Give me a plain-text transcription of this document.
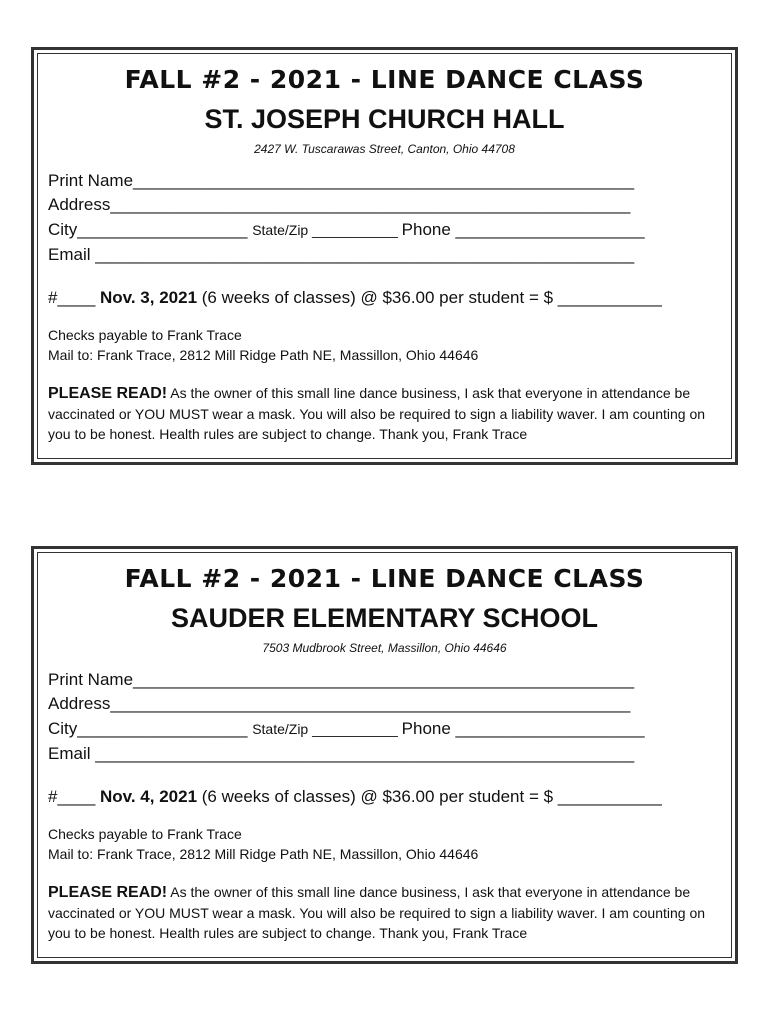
FALL #2 - 2021 - LINE DANCE CLASS
ST. JOSEPH CHURCH HALL
2427 W. Tuscarawas Street, Canton, Ohio 44708
Print Name_____________________________________________________
Address_______________________________________________________
City__________________ State/Zip ___________ Phone ____________________
Email _________________________________________________________
#____ Nov. 3, 2021 (6 weeks of classes) @ $36.00 per student = $ ___________
Checks payable to Frank Trace
Mail to: Frank Trace, 2812 Mill Ridge Path NE, Massillon, Ohio 44646
PLEASE READ! As the owner of this small line dance business, I ask that everyone in attendance be vaccinated or YOU MUST wear a mask. You will also be required to sign a liability waver. I am counting on you to be honest. Health rules are subject to change. Thank you, Frank Trace
FALL #2 - 2021 - LINE DANCE CLASS
SAUDER ELEMENTARY SCHOOL
7503 Mudbrook Street, Massillon, Ohio 44646
Print Name_____________________________________________________
Address_______________________________________________________
City__________________ State/Zip ___________ Phone ____________________
Email _________________________________________________________
#____ Nov. 4, 2021 (6 weeks of classes) @ $36.00 per student = $ ___________
Checks payable to Frank Trace
Mail to: Frank Trace, 2812 Mill Ridge Path NE, Massillon, Ohio 44646
PLEASE READ! As the owner of this small line dance business, I ask that everyone in attendance be vaccinated or YOU MUST wear a mask. You will also be required to sign a liability waver. I am counting on you to be honest. Health rules are subject to change. Thank you, Frank Trace
